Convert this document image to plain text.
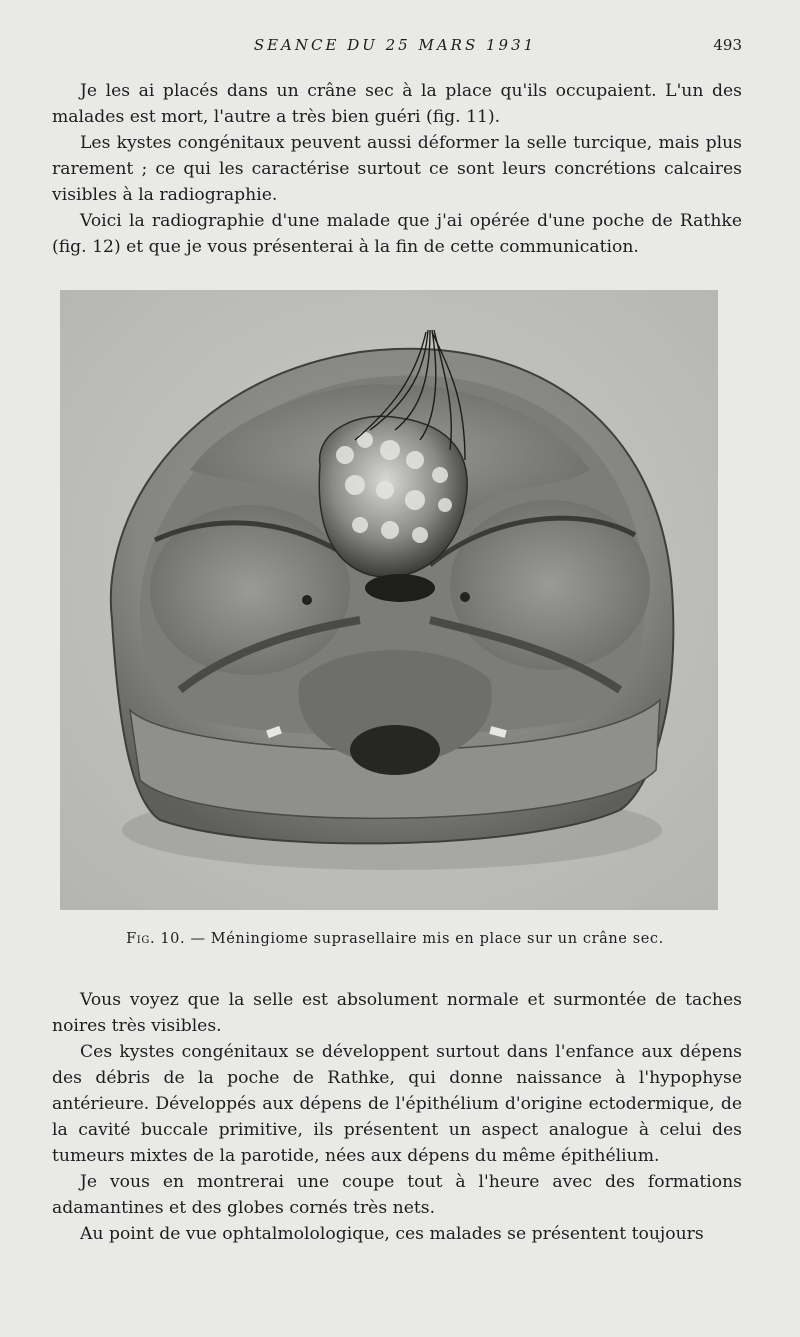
SEANCE DU 25 MARS 1931	493

Je les ai placés dans un crâne sec à la place qu'ils occupaient. L'un des malades est mort, l'autre a très bien guéri (fig. 11).

Les kystes congénitaux peuvent aussi déformer la selle turcique, mais plus rarement ; ce qui les caractérise surtout ce sont leurs concrétions calcaires visibles à la radiographie.

Voici la radiographie d'une malade que j'ai opérée d'une poche de Rathke (fig. 12) et que je vous présenterai à la fin de cette communication.

Fig. 10. — Méningiome suprasellaire mis en place sur un crâne sec.

Vous voyez que la selle est absolument normale et surmontée de taches noires très visibles.

Ces kystes congénitaux se développent surtout dans l'enfance aux dépens des débris de la poche de Rathke, qui donne naissance à l'hypophyse antérieure. Développés aux dépens de l'épithélium d'origine ectodermique, de la cavité buccale primitive, ils présentent un aspect analogue à celui des tumeurs mixtes de la parotide, nées aux dépens du même épithélium.

Je vous en montrerai une coupe tout à l'heure avec des formations adamantines et des globes cornés très nets.

Au point de vue ophtalmolologique, ces malades se présentent toujours
